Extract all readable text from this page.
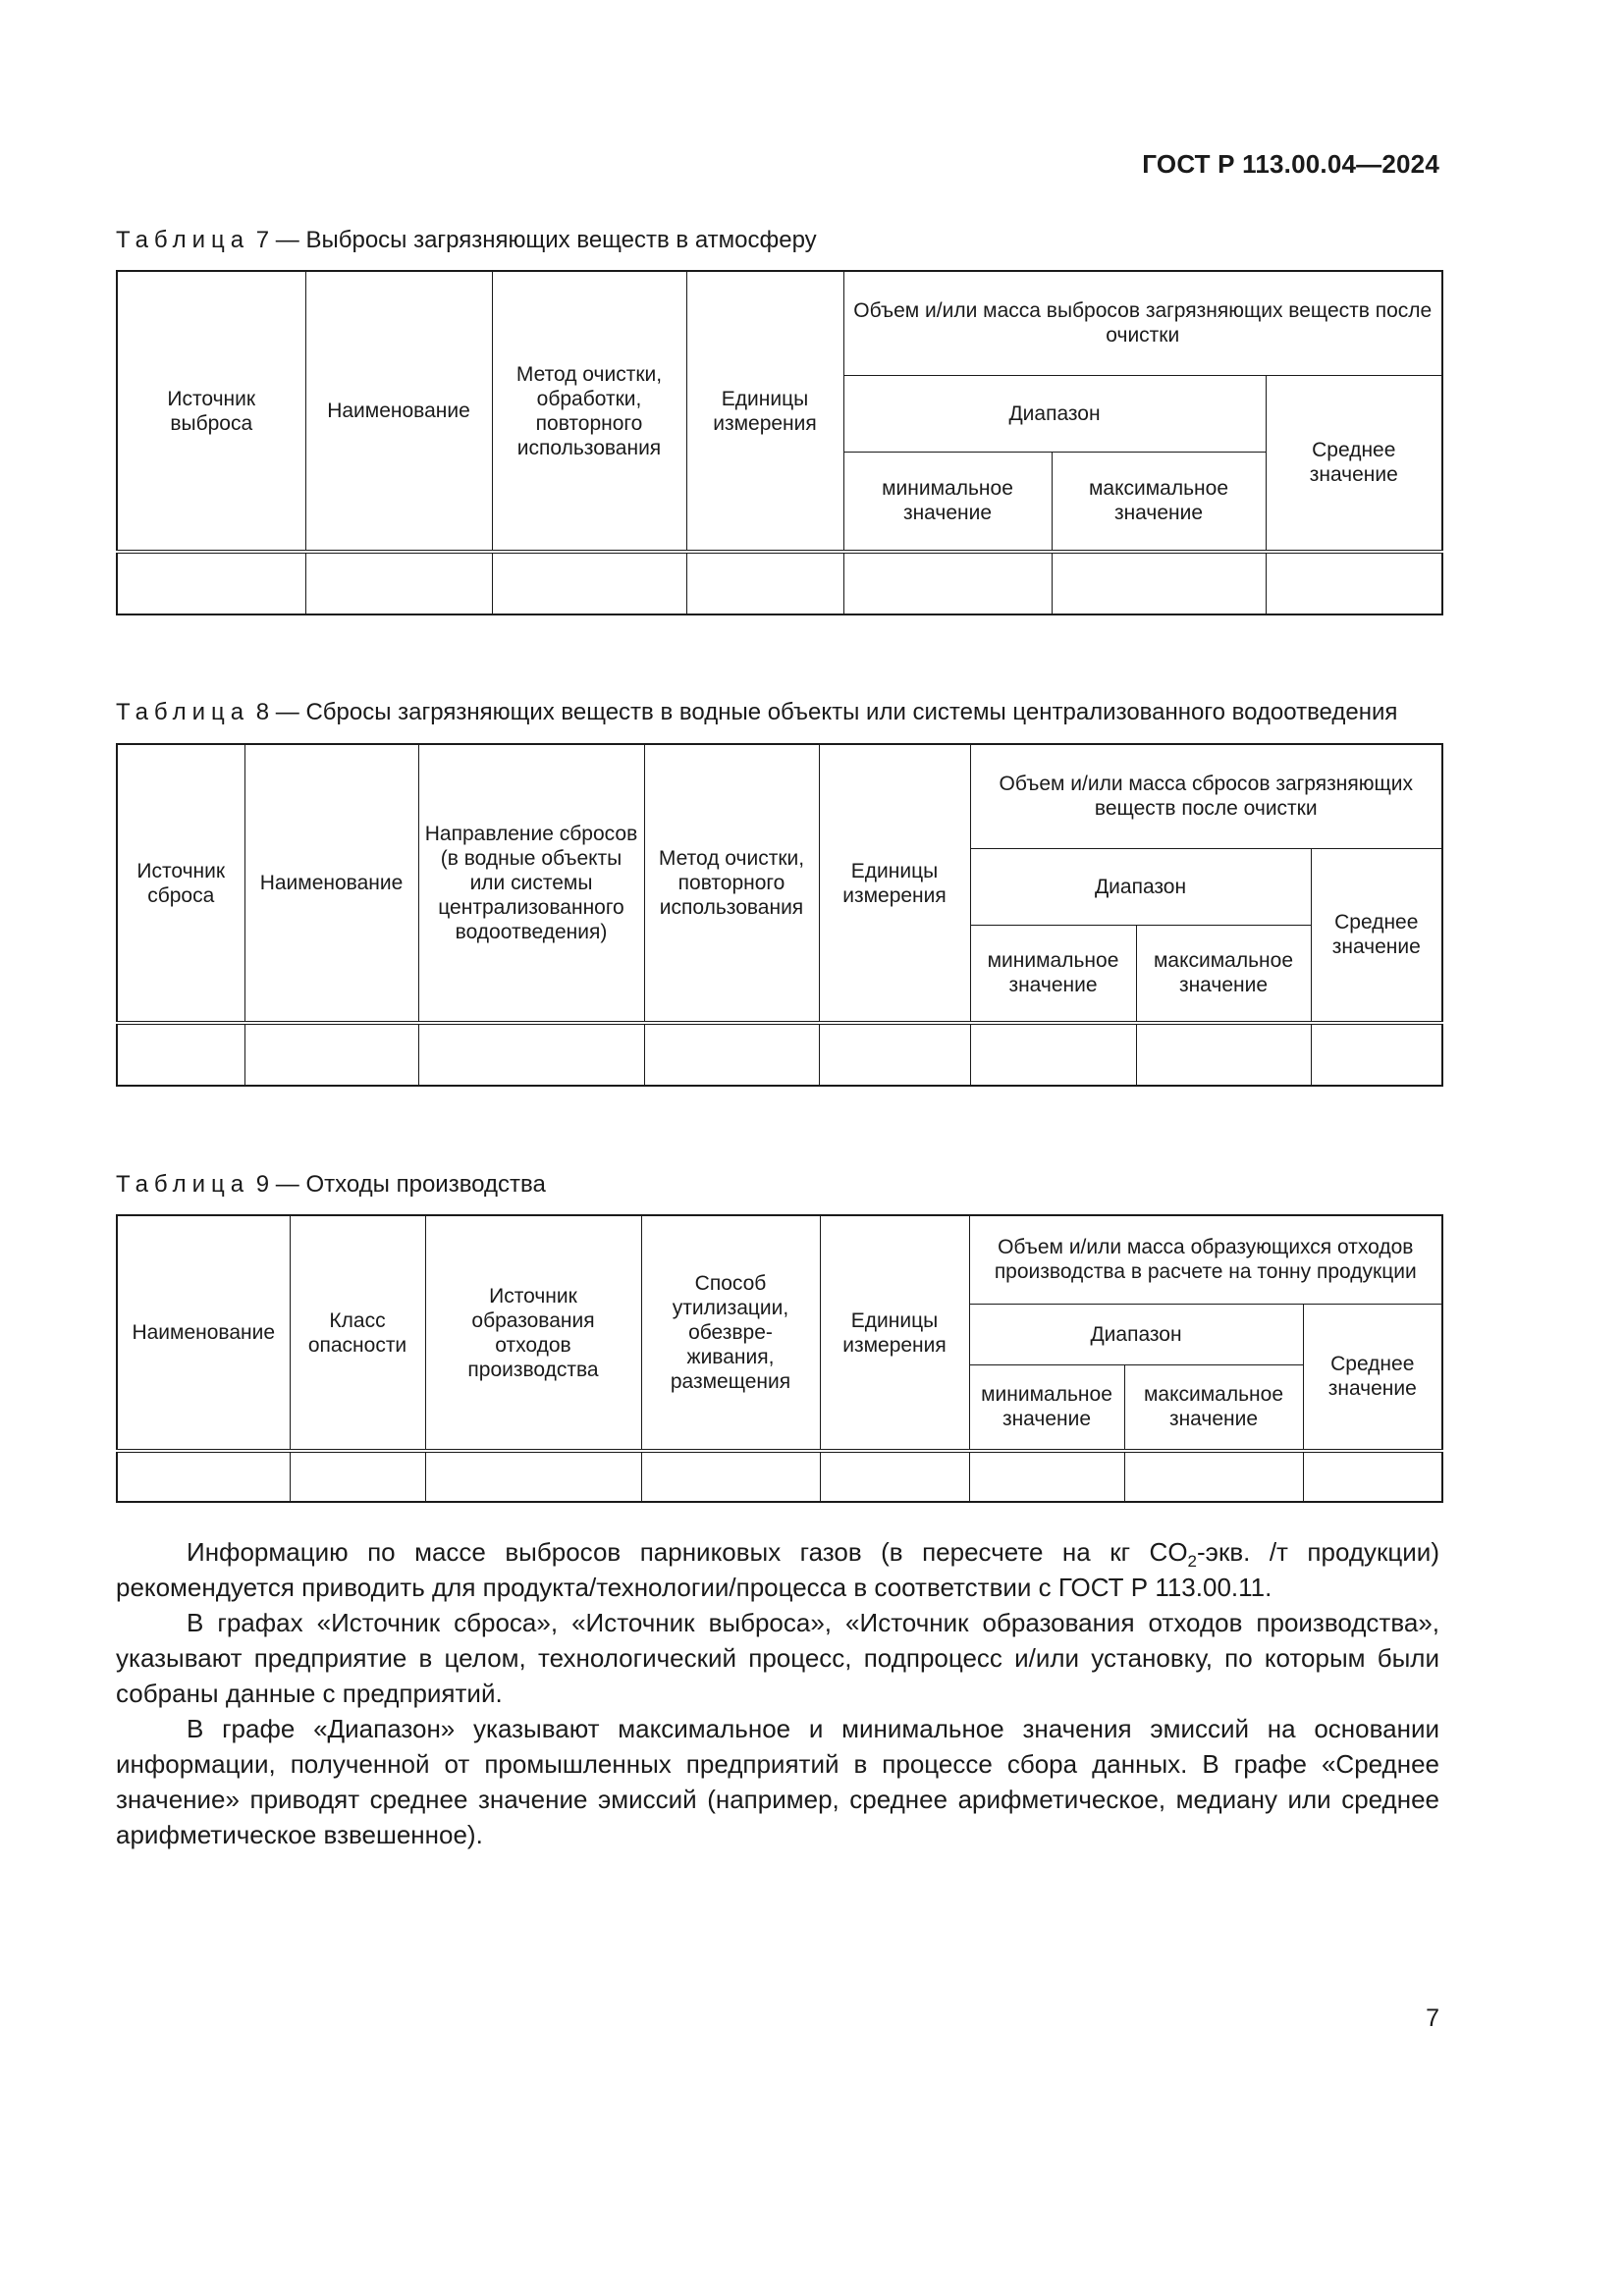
ГОСТ Р 113.00.04—2024
Таблица 7 — Выбросы загрязняющих веществ в атмосферу
Источник выброса	Наименование	Метод очистки, обработки, повторного использования	Единицы измерения	Объем и/или масса выбросов загрязняющих веществ после очистки		
				Диапазон		Среднее значение
				минимальное значение	максимальное значение	

Таблица 8 — Сбросы загрязняющих веществ в водные объекты или системы централизованного водоотведения
Источник сброса	Наименование	Направление сбросов (в водные объекты или системы централизованного водоотведения)	Метод очистки, повторного использования	Единицы измерения	Объем и/или масса сбросов загрязняющих веществ после очистки		
					Диапазон		Среднее значение
					минимальное значение	максимальное значение	

Таблица 9 — Отходы производства
Наименование	Класс опасности	Источник образования отходов производства	Способ утилизации, обезвре- живания, размещения	Единицы измерения	Объем и/или масса образующихся отходов производства в расчете на тонну продукции		
					Диапазон		Среднее значение
					минимальное значение	максимальное значение	

Информацию по массе выбросов парниковых газов (в пересчете на кг $CO_2$-экв. /т продукции) рекомендуется приводить для продукта/технологии/процесса в соответствии с ГОСТ Р 113.00.11.

В графах «Источник сброса», «Источник выброса», «Источник образования отходов производства», указывают предприятие в целом, технологический процесс, подпроцесс и/или установку, по которым были собраны данные с предприятий.

В графе «Диапазон» указывают максимальное и минимальное значения эмиссий на основании информации, полученной от промышленных предприятий в процессе сбора данных. В графе «Среднее значение» приводят среднее значение эмиссий (например, среднее арифметическое, медиану или среднее арифметическое взвешенное).

7
